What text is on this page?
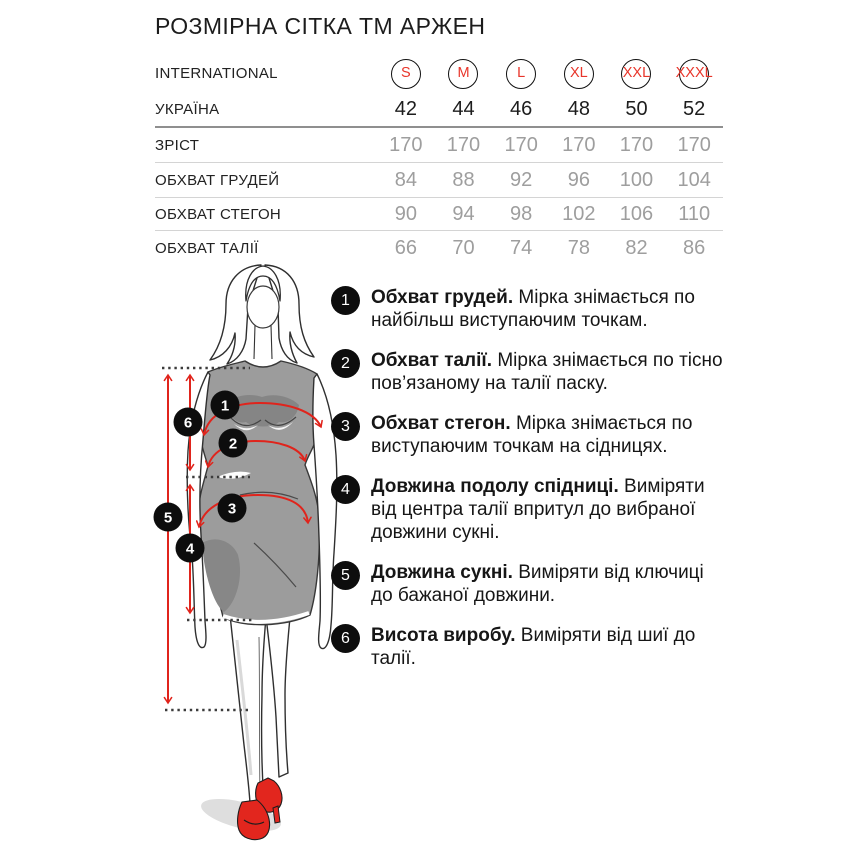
РОЗМІРНА СІТКА ТМ АРЖЕН
INTERNATIONAL	S	M	L	XL XXL XXXL
УКРАЇНА	42	44	46	48	50	52
ЗРІСТ	170	170	170	170	170	170
ОБХВАТ ГРУДЕЙ	84	88	92	96	100	104
ОБХВАТ СТЕГОН	90	94	98	102	106	110
ОБХВАТ ТАЛІЇ	66	70	74	78	82	86
1
2
3
4
5
6
1	Обхват грудей. Мірка знімається по найбільш виступаючим точкам.

2	Обхват талії. Мірка знімається по тісно пов’язаному на талії паску.

3	Обхват стегон. Мірка знімається по виступаючим точкам на сідницях.

4	Довжина подолу спідниці. Виміряти від центра талії впритул до вибраної довжини сукні.

5	Довжина сукні. Виміряти від ключиці до бажаної довжини.

6	Висота виробу. Виміряти від шиї до талії.
